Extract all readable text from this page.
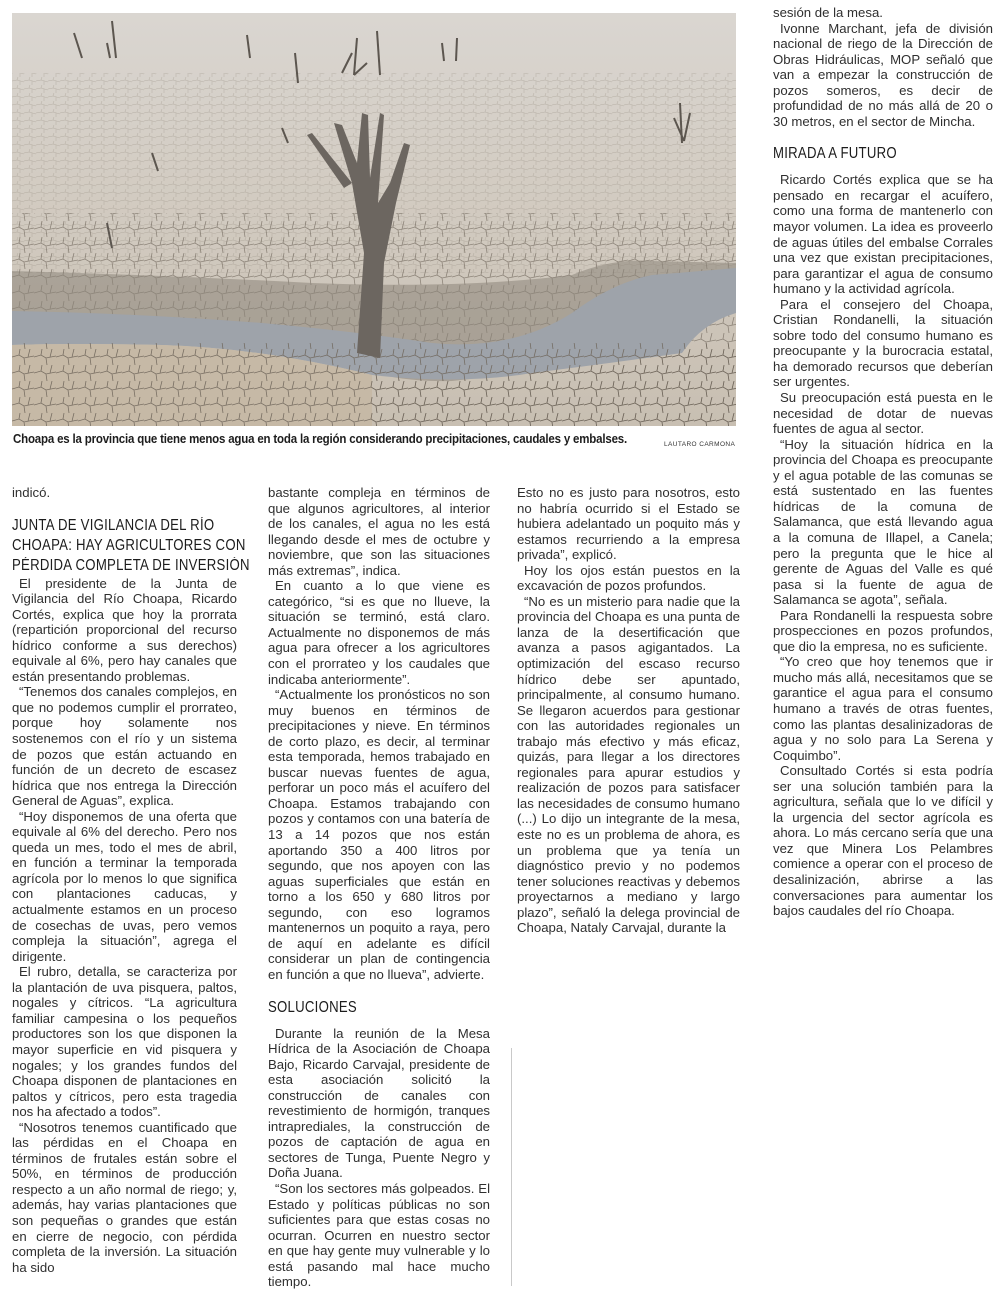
Choapa es la provincia que tiene menos agua en toda la región considerando precipitaciones, caudales y embalses.	LAUTARO CARMONA

indicó.

JUNTA DE VIGILANCIA DEL RÍO
CHOAPA: HAY AGRICULTORES CON
PÉRDIDA COMPLETA DE INVERSIÓN

El presidente de la Junta de Vigilancia del Río Choapa, Ricardo Cortés, explica que hoy la prorrata (repartición proporcional del recurso hídrico conforme a sus derechos) equivale al 6%, pero hay canales que están presentando problemas.

“Tenemos dos canales complejos, en que no podemos cumplir el prorrateo, porque hoy solamente nos sostenemos con el río y un sistema de pozos que están actuando en función de un decreto de escasez hídrica que nos entrega la Dirección General de Aguas”, explica.

“Hoy disponemos de una oferta que equivale al 6% del derecho. Pero nos queda un mes, todo el mes de abril, en función a terminar la temporada agrícola por lo menos lo que significa con plantaciones caducas, y actualmente estamos en un proceso de cosechas de uvas, pero vemos compleja la situación”, agrega el dirigente.

El rubro, detalla, se caracteriza por la plantación de uva pisquera, paltos, nogales y cítricos. “La agricultura familiar campesina o los pequeños productores son los que disponen la mayor superficie en vid pisquera y nogales; y los grandes fundos del Choapa disponen de plantaciones en paltos y cítricos, pero esta tragedia nos ha afectado a todos”.

“Nosotros tenemos cuantificado que las pérdidas en el Choapa en términos de frutales están sobre el 50%, en términos de producción respecto a un año normal de riego; y, además, hay varias plantaciones que son pequeñas o grandes que están en cierre de negocio, con pérdida completa de la inversión. La situación ha sido

bastante compleja en términos de que algunos agricultores, al interior de los canales, el agua no les está llegando desde el mes de octubre y noviembre, que son las situaciones más extremas”, indica.

En cuanto a lo que viene es categórico, “si es que no llueve, la situación se terminó, está claro. Actualmente no disponemos de más agua para ofrecer a los agricultores con el prorrateo y los caudales que indicaba anteriormente”.

“Actualmente los pronósticos no son muy buenos en términos de precipitaciones y nieve. En términos de corto plazo, es decir, al terminar esta temporada, hemos trabajado en buscar nuevas fuentes de agua, perforar un poco más el acuífero del Choapa. Estamos trabajando con pozos y contamos con una batería de 13 a 14 pozos que nos están aportando 350 a 400 litros por segundo, que nos apoyen con las aguas superficiales que están en torno a los 650 y 680 litros por segundo, con eso logramos mantenernos un poquito a raya, pero de aquí en adelante es difícil considerar un plan de contingencia en función a que no llueva”, advierte.

SOLUCIONES

Durante la reunión de la Mesa Hídrica de la Asociación de Choapa Bajo, Ricardo Carvajal, presidente de esta asociación solicitó la construcción de canales con revestimiento de hormigón, tranques intraprediales, la construcción de pozos de captación de agua en sectores de Tunga, Puente Negro y Doña Juana.

“Son los sectores más golpeados. El Estado y políticas públicas no son suficientes para que estas cosas no ocurran. Ocurren en nuestro sector en que hay gente muy vulnerable y lo está pasando mal hace mucho tiempo.

Esto no es justo para nosotros, esto no habría ocurrido si el Estado se hubiera adelantado un poquito más y estamos recurriendo a la empresa privada”, explicó.

Hoy los ojos están puestos en la excavación de pozos profundos.

“No es un misterio para nadie que la provincia del Choapa es una punta de lanza de la desertificación que avanza a pasos agigantados. La optimización del escaso recurso hídrico debe ser apuntado, principalmente, al consumo humano. Se llegaron acuerdos para gestionar con las autoridades regionales un trabajo más efectivo y más eficaz, quizás, para llegar a los directores regionales para apurar estudios y realización de pozos para satisfacer las necesidades de consumo humano (...) Lo dijo un integrante de la mesa, este no es un problema de ahora, es un problema que ya tenía un diagnóstico previo y no podemos tener soluciones reactivas y debemos proyectarnos a mediano y largo plazo”, señaló la delega provincial de Choapa, Nataly Carvajal, durante la

sesión de la mesa.

Ivonne Marchant, jefa de división nacional de riego de la Dirección de Obras Hidráulicas, MOP señaló que van a empezar la construcción de pozos someros, es decir de profundidad de no más allá de 20 o 30 metros, en el sector de Mincha.

MIRADA A FUTURO

Ricardo Cortés explica que se ha pensado en recargar el acuífero, como una forma de mantenerlo con mayor volumen. La idea es proveerlo de aguas útiles del embalse Corrales una vez que existan precipitaciones, para garantizar el agua de consumo humano y la actividad agrícola.

Para el consejero del Choapa, Cristian Rondanelli, la situación sobre todo del consumo humano es preocupante y la burocracia estatal, ha demorado recursos que deberían ser urgentes.

Su preocupación está puesta en le necesidad de dotar de nuevas fuentes de agua al sector.

“Hoy la situación hídrica en la provincia del Choapa es preocupante y el agua potable de las comunas se está sustentado en las fuentes hídricas de la comuna de Salamanca, que está llevando agua a la comuna de Illapel, a Canela; pero la pregunta que le hice al gerente de Aguas del Valle es qué pasa si la fuente de agua de Salamanca se agota”, señala.

Para Rondanelli la respuesta sobre prospecciones en pozos profundos, que dio la empresa, no es suficiente.

“Yo creo que hoy tenemos que ir mucho más allá, necesitamos que se garantice el agua para el consumo humano a través de otras fuentes, como las plantas desalinizadoras de agua y no solo para La Serena y Coquimbo”.

Consultado Cortés si esta podría ser una solución también para la agricultura, señala que lo ve difícil y la urgencia del sector agrícola es ahora. Lo más cercano sería que una vez que Minera Los Pelambres comience a operar con el proceso de desalinización, abrirse a las conversaciones para aumentar los bajos caudales del río Choapa.
